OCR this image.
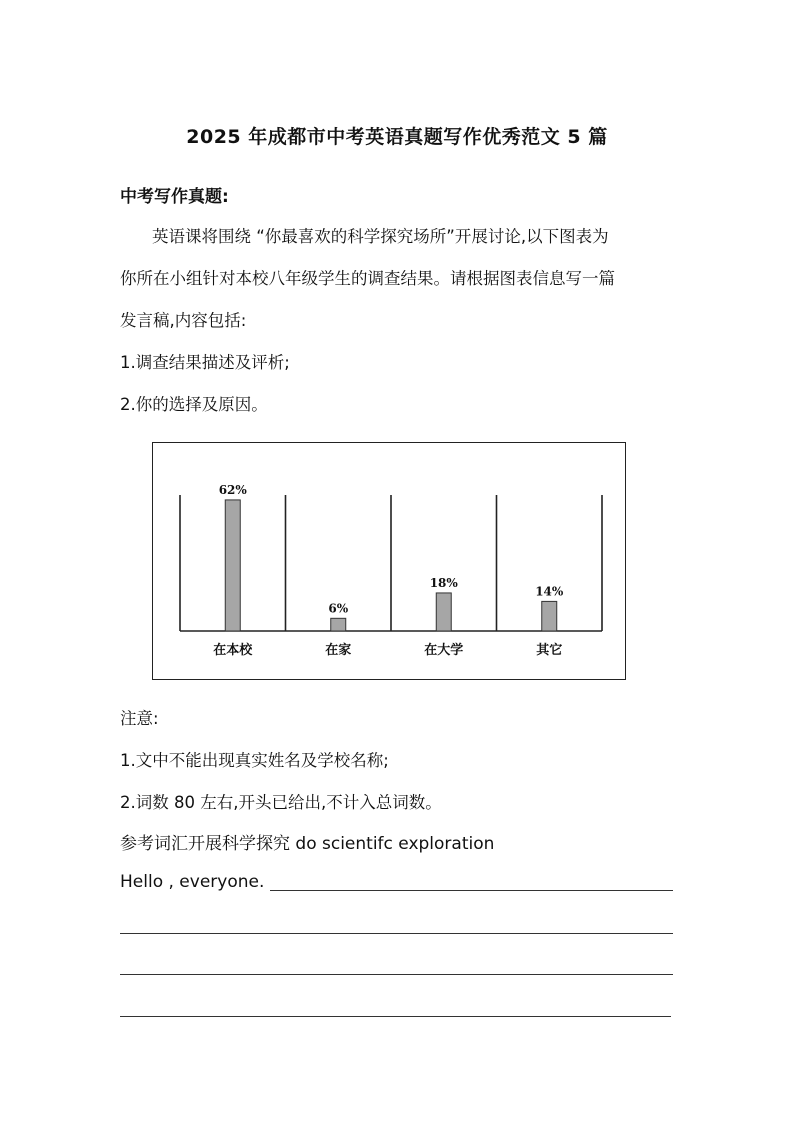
2025 年成都市中考英语真题写作优秀范文 5 篇
中考写作真题:
英语课将围绕 “你最喜欢的科学探究场所”开展讨论,以下图表为
你所在小组针对本校八年级学生的调查结果。请根据图表信息写一篇
发言稿,内容包括:
1.调查结果描述及评析;
2.你的选择及原因。
62%
在本校
6%
在家
18%
在大学
14%
其它
注意:
1.文中不能出现真实姓名及学校名称;
2.词数 80 左右,开头已给出,不计入总词数。
参考词汇开展科学探究 do scientifc exploration
Hello , everyone.
